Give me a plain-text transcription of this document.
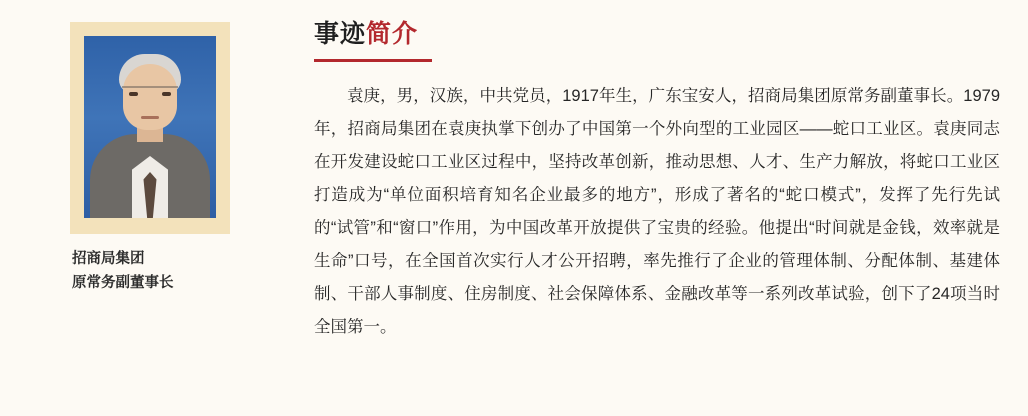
招商局集团
原常务副董事长
事迹简介
袁庚，男，汉族，中共党员，1917年生，广东宝安人，招商局集团原常务副董事长。1979年，招商局集团在袁庚执掌下创办了中国第一个外向型的工业园区——蛇口工业区。袁庚同志在开发建设蛇口工业区过程中，坚持改革创新，推动思想、人才、生产力解放，将蛇口工业区打造成为“单位面积培育知名企业最多的地方”，形成了著名的“蛇口模式”，发挥了先行先试的“试管”和“窗口”作用，为中国改革开放提供了宝贵的经验。他提出“时间就是金钱，效率就是生命”口号，在全国首次实行人才公开招聘，率先推行了企业的管理体制、分配体制、基建体制、干部人事制度、住房制度、社会保障体系、金融改革等一系列改革试验，创下了24项当时全国第一。
